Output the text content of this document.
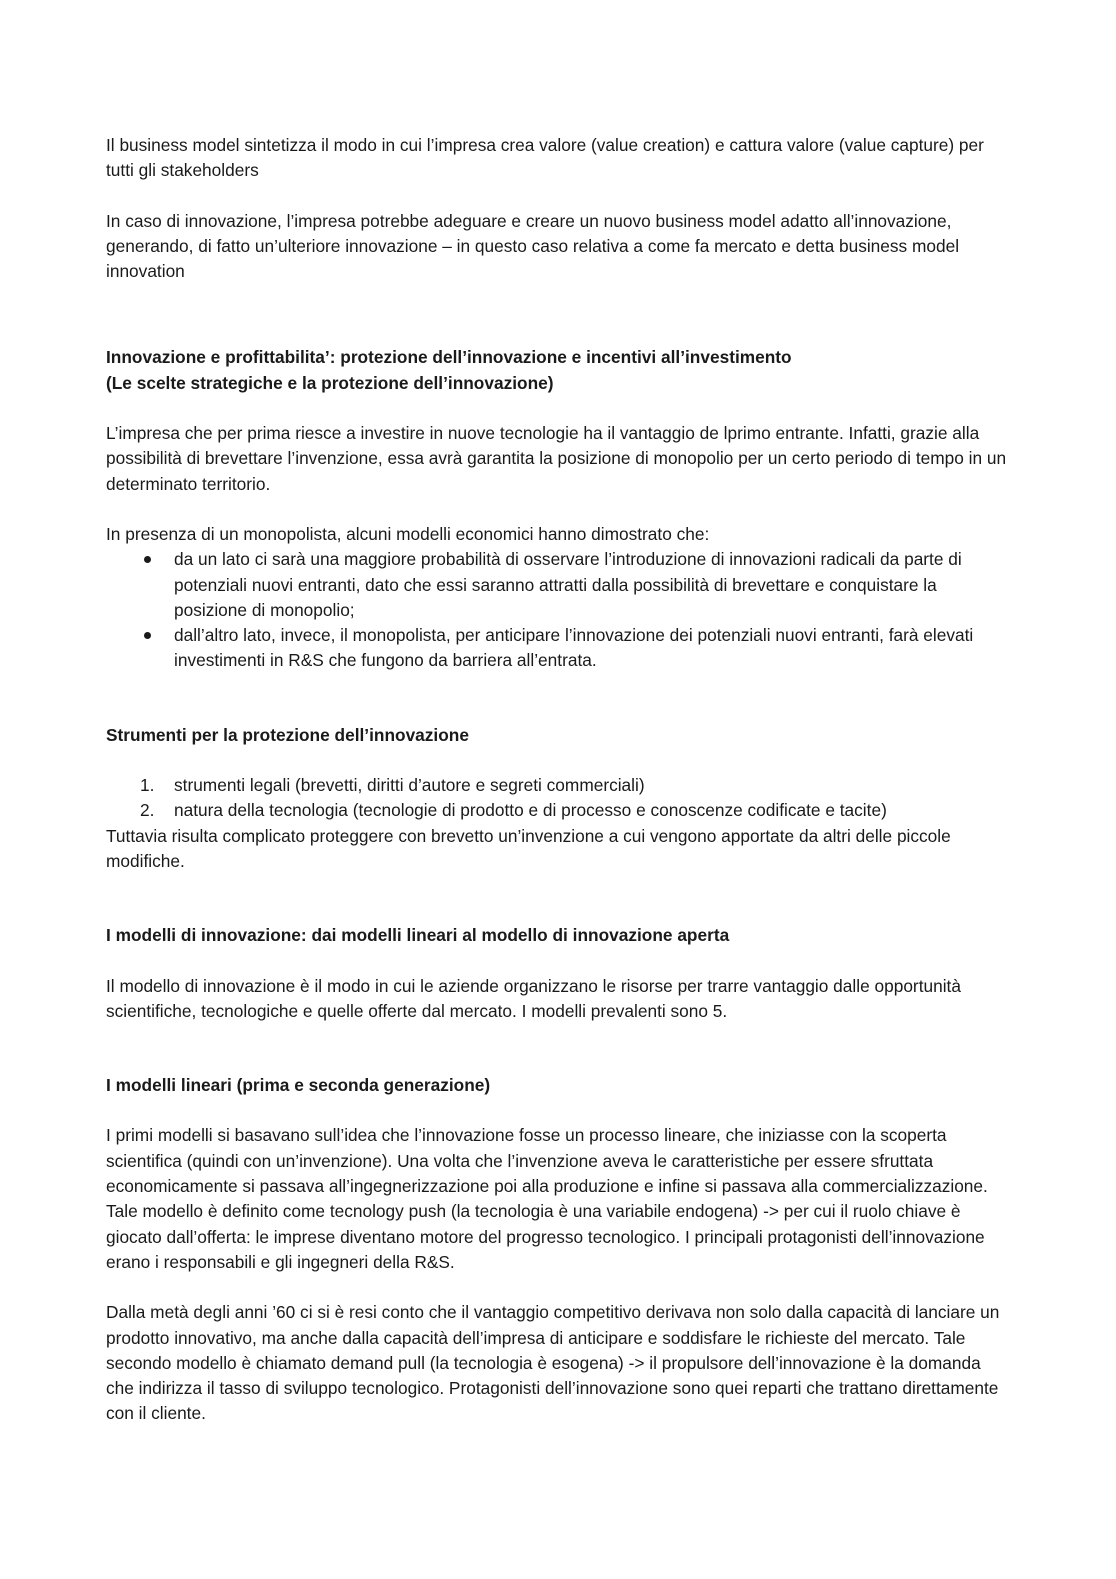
Il business model sintetizza il modo in cui l’impresa crea valore (value creation) e cattura valore (value capture) per tutti gli stakeholders

In caso di innovazione, l’impresa potrebbe adeguare e creare un nuovo business model adatto all’innovazione, generando, di fatto un’ulteriore innovazione – in questo caso relativa a come fa mercato e detta business model innovation

Innovazione e profittabilita’: protezione dell’innovazione e incentivi all’investimento
(Le scelte strategiche e la protezione dell’innovazione)

L’impresa che per prima riesce a investire in nuove tecnologie ha il vantaggio de lprimo entrante. Infatti, grazie alla possibilità di brevettare l’invenzione, essa avrà garantita la posizione di monopolio per un certo periodo di tempo in un determinato territorio.

In presenza di un monopolista, alcuni modelli economici hanno dimostrato che:

da un lato ci sarà una maggiore probabilità di osservare l’introduzione di innovazioni radicali da parte di potenziali nuovi entranti, dato che essi saranno attratti dalla possibilità di brevettare e conquistare la posizione di monopolio;
dall’altro lato, invece, il monopolista, per anticipare l’innovazione dei potenziali nuovi entranti, farà elevati investimenti in R&S che fungono da barriera all’entrata.

Strumenti per la protezione dell’innovazione

1. strumenti legali (brevetti, diritti d’autore e segreti commerciali)
2. natura della tecnologia (tecnologie di prodotto e di processo e conoscenze codificate e tacite)

Tuttavia risulta complicato proteggere con brevetto un’invenzione a cui vengono apportate da altri delle piccole modifiche.

I modelli di innovazione: dai modelli lineari al modello di innovazione aperta

Il modello di innovazione è il modo in cui le aziende organizzano le risorse per trarre vantaggio dalle opportunità scientifiche, tecnologiche e quelle offerte dal mercato. I modelli prevalenti sono 5.

I modelli lineari (prima e seconda generazione)

I primi modelli si basavano sull’idea che l’innovazione fosse un processo lineare, che iniziasse con la scoperta scientifica (quindi con un’invenzione). Una volta che l’invenzione aveva le caratteristiche per essere sfruttata economicamente si passava all’ingegnerizzazione poi alla produzione e infine si passava alla commercializzazione. Tale modello è definito come tecnology push (la tecnologia è una variabile endogena) -> per cui il ruolo chiave è giocato dall’offerta: le imprese diventano motore del progresso tecnologico. I principali protagonisti dell’innovazione erano i responsabili e gli ingegneri della R&S.

Dalla metà degli anni ’60 ci si è resi conto che il vantaggio competitivo derivava non solo dalla capacità di lanciare un prodotto innovativo, ma anche dalla capacità dell’impresa di anticipare e soddisfare le richieste del mercato. Tale secondo modello è chiamato demand pull (la tecnologia è esogena) -> il propulsore dell’innovazione è la domanda che indirizza il tasso di sviluppo tecnologico. Protagonisti dell’innovazione sono quei reparti che trattano direttamente con il cliente.
